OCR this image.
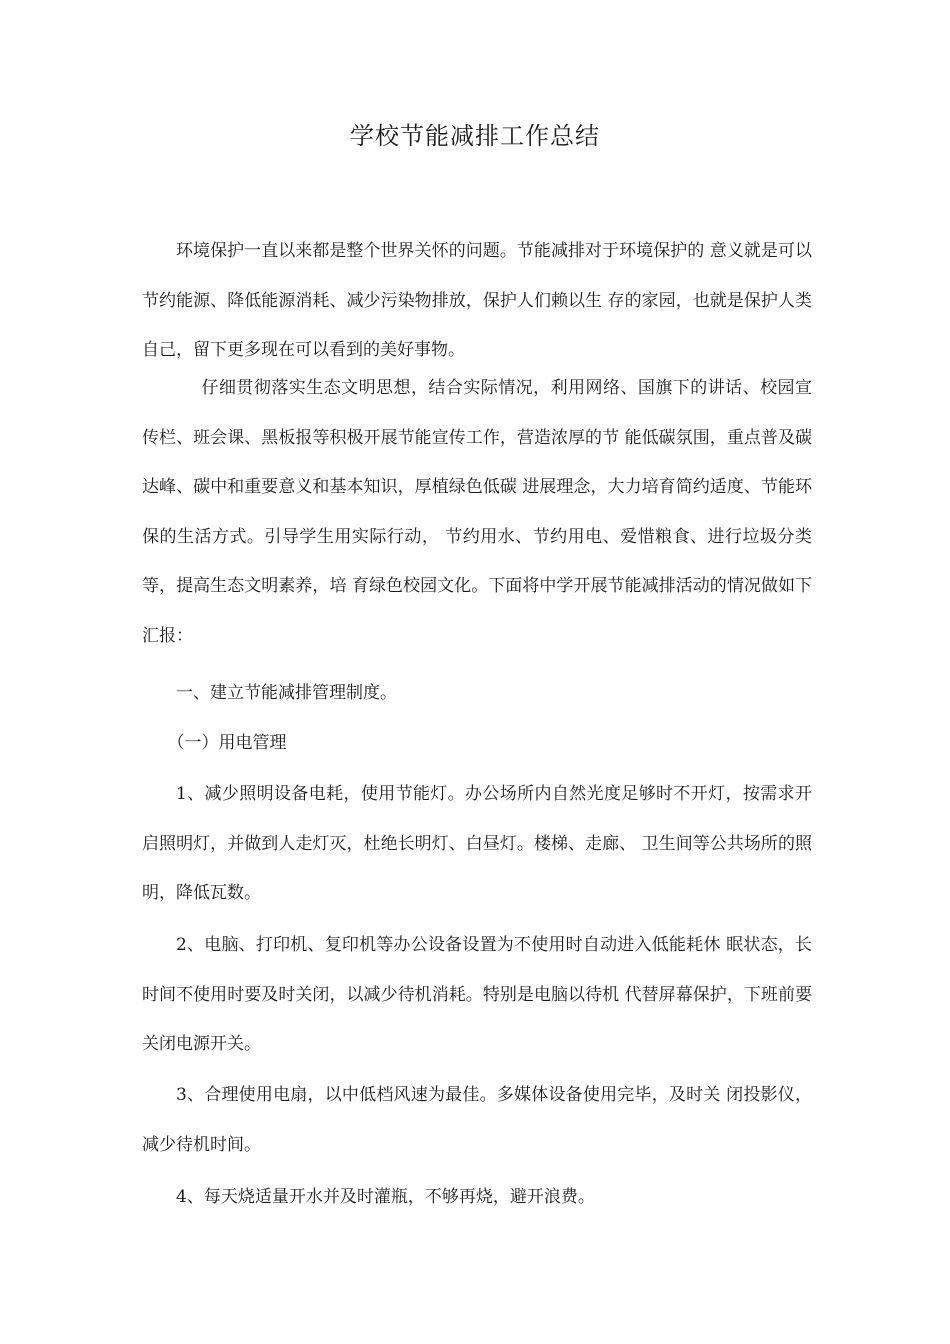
学校节能减排工作总结

环境保护一直以来都是整个世界关怀的问题。节能减排对于环境保护的 意义就是可以节约能源、降低能源消耗、减少污染物排放，保护人们赖以生 存的家园，也就是保护人类自己，留下更多现在可以看到的美好事物。

仔细贯彻落实生态文明思想，结合实际情况，利用网络、国旗下的讲话、校园宣传栏、班会课、黑板报等积极开展节能宣传工作，营造浓厚的节 能低碳氛围，重点普及碳达峰、碳中和重要意义和基本知识，厚植绿色低碳 进展理念，大力培育简约适度、节能环保的生活方式。引导学生用实际行动， 节约用水、节约用电、爱惜粮食、进行垃圾分类等，提高生态文明素养，培 育绿色校园文化。下面将中学开展节能减排活动的情况做如下汇报：

一、建立节能减排管理制度。

（一）用电管理

1、减少照明设备电耗，使用节能灯。办公场所内自然光度足够时不开灯，按需求开启照明灯，并做到人走灯灭，杜绝长明灯、白昼灯。楼梯、走廊、 卫生间等公共场所的照明，降低瓦数。

2、电脑、打印机、复印机等办公设备设置为不使用时自动进入低能耗休 眠状态，长时间不使用时要及时关闭，以减少待机消耗。特别是电脑以待机 代替屏幕保护，下班前要关闭电源开关。

3、合理使用电扇，以中低档风速为最佳。多媒体设备使用完毕，及时关 闭投影仪，减少待机时间。

4、每天烧适量开水并及时灌瓶，不够再烧，避开浪费。
